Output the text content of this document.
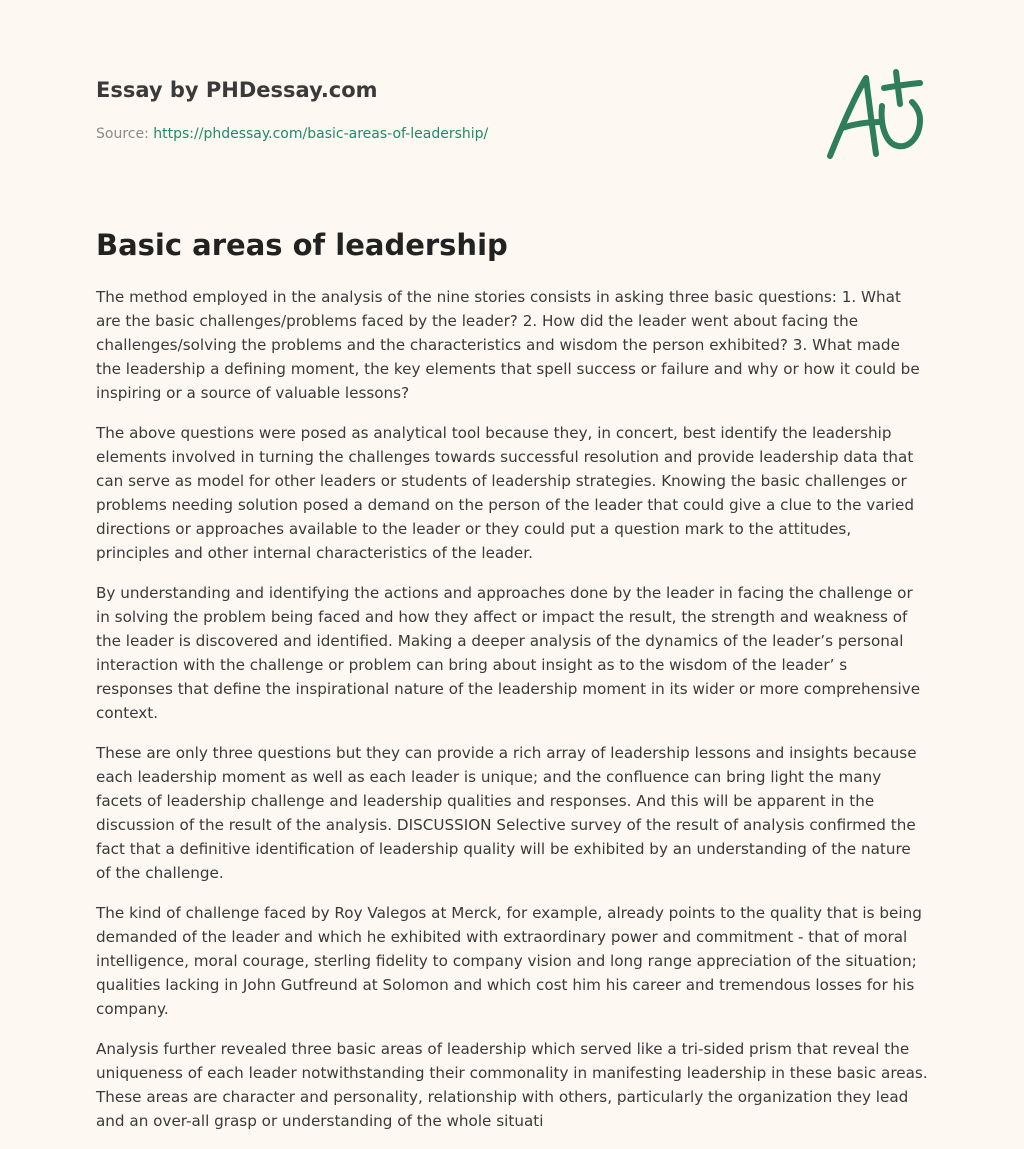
Essay by PHDessay.com
Source: https://phdessay.com/basic-areas-of-leadership/
Basic areas of leadership

The method employed in the analysis of the nine stories consists in asking three basic questions: 1. What are the basic challenges/problems faced by the leader? 2. How did the leader went about facing the challenges/solving the problems and the characteristics and wisdom the person exhibited? 3. What made the leadership a defining moment, the key elements that spell success or failure and why or how it could be inspiring or a source of valuable lessons?

The above questions were posed as analytical tool because they, in concert, best identify the leadership elements involved in turning the challenges towards successful resolution and provide leadership data that can serve as model for other leaders or students of leadership strategies. Knowing the basic challenges or problems needing solution posed a demand on the person of the leader that could give a clue to the varied directions or approaches available to the leader or they could put a question mark to the attitudes, principles and other internal characteristics of the leader.

By understanding and identifying the actions and approaches done by the leader in facing the challenge or in solving the problem being faced and how they affect or impact the result, the strength and weakness of the leader is discovered and identified. Making a deeper analysis of the dynamics of the leader’s personal interaction with the challenge or problem can bring about insight as to the wisdom of the leader’ s responses that define the inspirational nature of the leadership moment in its wider or more comprehensive context.

These are only three questions but they can provide a rich array of leadership lessons and insights because each leadership moment as well as each leader is unique; and the confluence can bring light the many facets of leadership challenge and leadership qualities and responses. And this will be apparent in the discussion of the result of the analysis. DISCUSSION Selective survey of the result of analysis confirmed the fact that a definitive identification of leadership quality will be exhibited by an understanding of the nature of the challenge.

The kind of challenge faced by Roy Valegos at Merck, for example, already points to the quality that is being demanded of the leader and which he exhibited with extraordinary power and commitment - that of moral intelligence, moral courage, sterling fidelity to company vision and long range appreciation of the situation; qualities lacking in John Gutfreund at Solomon and which cost him his career and tremendous losses for his company.

Analysis further revealed three basic areas of leadership which served like a tri-sided prism that reveal the uniqueness of each leader notwithstanding their commonality in manifesting leadership in these basic areas. These areas are character and personality, relationship with others, particularly the organization they lead and an over-all grasp or understanding of the whole situati
